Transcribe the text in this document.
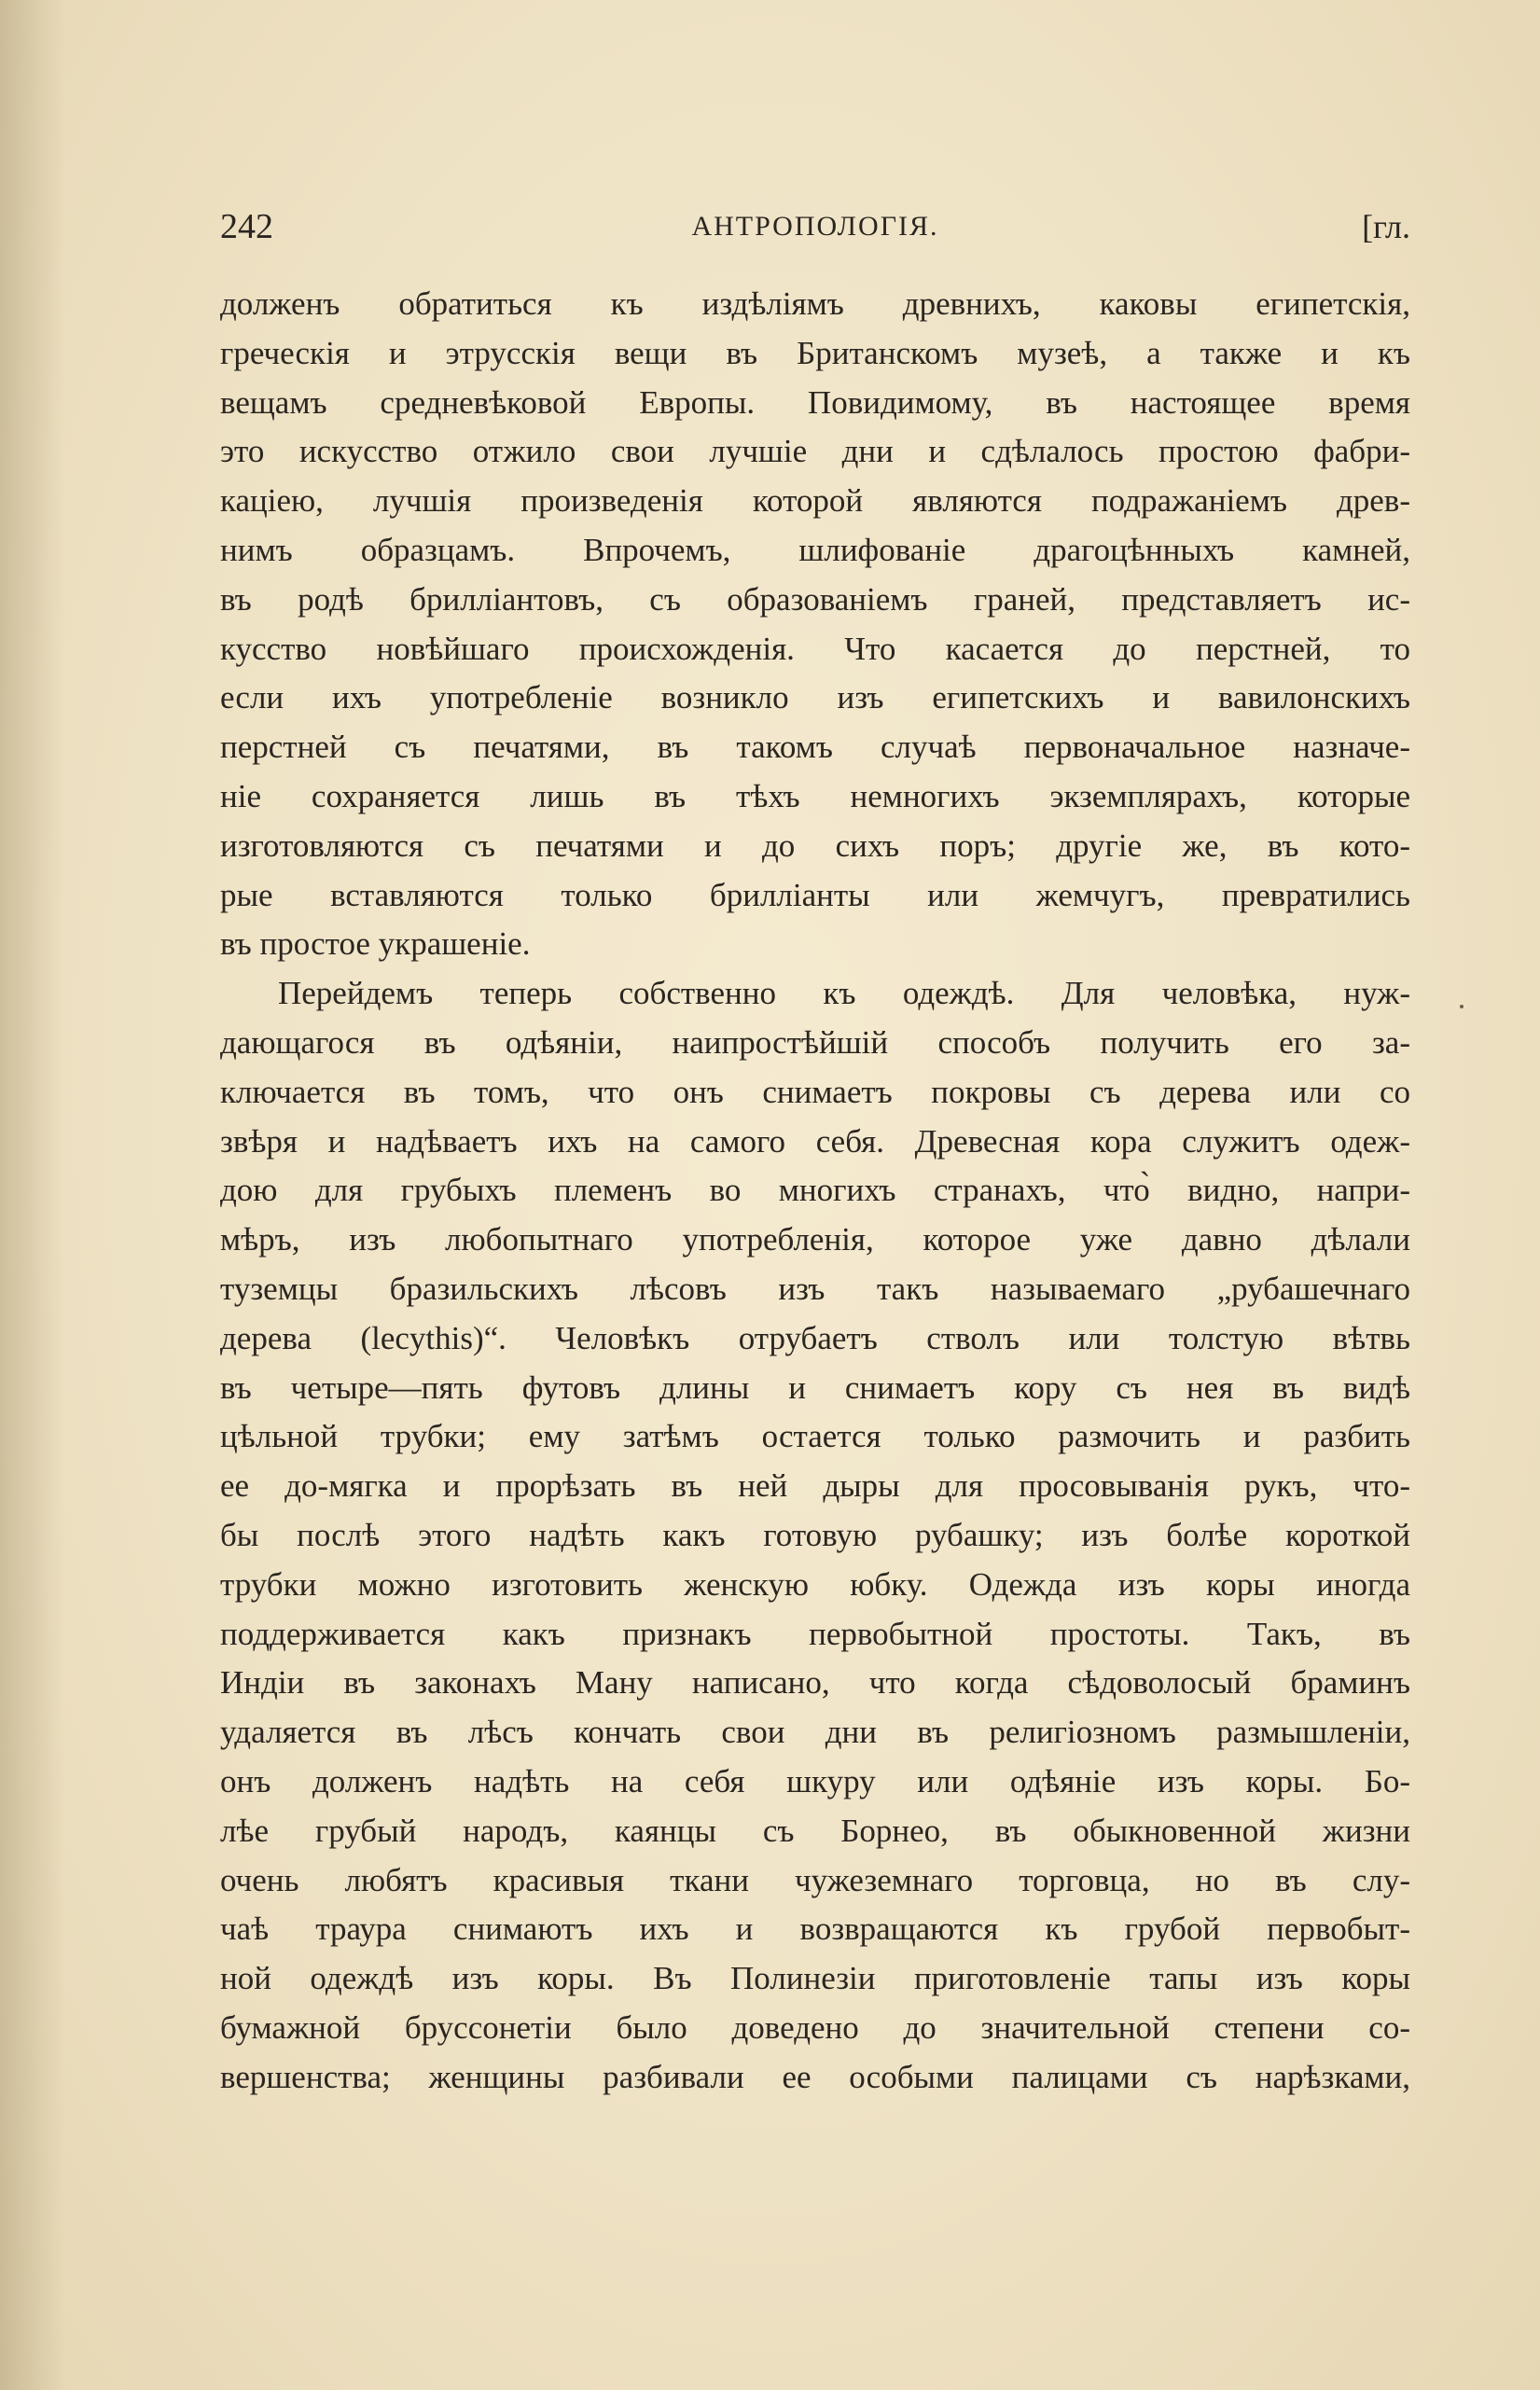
242	АНТРОПОЛОГІЯ.	[гл.
долженъ обратиться къ издѣліямъ древнихъ, каковы египетскія,
греческія и этрусскія вещи въ Британскомъ музеѣ, а также и къ
вещамъ средневѣковой Европы. Повидимому, въ настоящее время
это искусство отжило свои лучшіе дни и сдѣлалось простою фабри-
каціею, лучшія произведенія которой являются подражаніемъ древ-
нимъ образцамъ. Впрочемъ, шлифованіе драгоцѣнныхъ камней,
въ родѣ брилліантовъ, съ образованіемъ граней, представляетъ ис-
кусство новѣйшаго происхожденія. Что касается до перстней, то
если ихъ употребленіе возникло изъ египетскихъ и вавилонскихъ
перстней съ печатями, въ такомъ случаѣ первоначальное назначе-
ніе сохраняется лишь въ тѣхъ немногихъ экземплярахъ, которые
изготовляются съ печатями и до сихъ поръ; другіе же, въ кото-
рые вставляются только брилліанты или жемчугъ, превратились
въ простое украшеніе.
Перейдемъ теперь собственно къ одеждѣ. Для человѣка, нуж-
дающагося въ одѣяніи, наипростѣйшій способъ получить его за-
ключается въ томъ, что онъ снимаетъ покровы съ дерева или со
звѣря и надѣваетъ ихъ на самого себя. Древесная кора служитъ одеж-
дою для грубыхъ племенъ во многихъ странахъ, что̀ видно, напри-
мѣръ, изъ любопытнаго употребленія, которое уже давно дѣлали
туземцы бразильскихъ лѣсовъ изъ такъ называемаго „рубашечнаго
дерева (lecythis)“. Человѣкъ отрубаетъ стволъ или толстую вѣтвь
въ четыре—пять футовъ длины и снимаетъ кору съ нея въ видѣ
цѣльной трубки; ему затѣмъ остается только размочить и разбить
ее до-мягка и прорѣзать въ ней дыры для просовыванія рукъ, что-
бы послѣ этого надѣть какъ готовую рубашку; изъ болѣе короткой
трубки можно изготовить женскую юбку. Одежда изъ коры иногда
поддерживается какъ признакъ первобытной простоты. Такъ, въ
Индіи въ законахъ Ману написано, что когда сѣдоволосый браминъ
удаляется въ лѣсъ кончать свои дни въ религіозномъ размышленіи,
онъ долженъ надѣть на себя шкуру или одѣяніе изъ коры. Бо-
лѣе грубый народъ, каянцы съ Борнео, въ обыкновенной жизни
очень любятъ красивыя ткани чужеземнаго торговца, но въ слу-
чаѣ траура снимаютъ ихъ и возвращаются къ грубой первобыт-
ной одеждѣ изъ коры. Въ Полинезіи приготовленіе тапы изъ коры
бумажной бруссонетіи было доведено до значительной степени со-
вершенства; женщины разбивали ее особыми палицами съ нарѣзками,
